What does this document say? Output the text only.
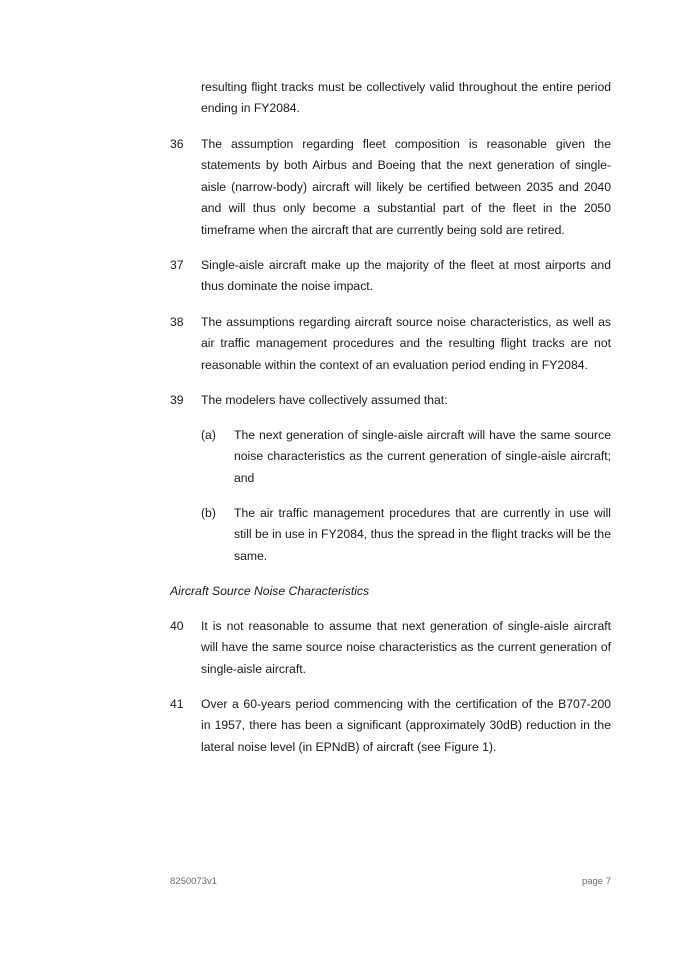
resulting flight tracks must be collectively valid throughout the entire period ending in FY2084.
36 The assumption regarding fleet composition is reasonable given the statements by both Airbus and Boeing that the next generation of single-aisle (narrow-body) aircraft will likely be certified between 2035 and 2040 and will thus only become a substantial part of the fleet in the 2050 timeframe when the aircraft that are currently being sold are retired.
37 Single-aisle aircraft make up the majority of the fleet at most airports and thus dominate the noise impact.
38 The assumptions regarding aircraft source noise characteristics, as well as air traffic management procedures and the resulting flight tracks are not reasonable within the context of an evaluation period ending in FY2084.
39 The modelers have collectively assumed that:
(a) The next generation of single-aisle aircraft will have the same source noise characteristics as the current generation of single-aisle aircraft; and
(b) The air traffic management procedures that are currently in use will still be in use in FY2084, thus the spread in the flight tracks will be the same.
Aircraft Source Noise Characteristics
40 It is not reasonable to assume that next generation of single-aisle aircraft will have the same source noise characteristics as the current generation of single-aisle aircraft.
41 Over a 60-years period commencing with the certification of the B707-200 in 1957, there has been a significant (approximately 30dB) reduction in the lateral noise level (in EPNdB) of aircraft (see Figure 1).
8250073v1	page 7
